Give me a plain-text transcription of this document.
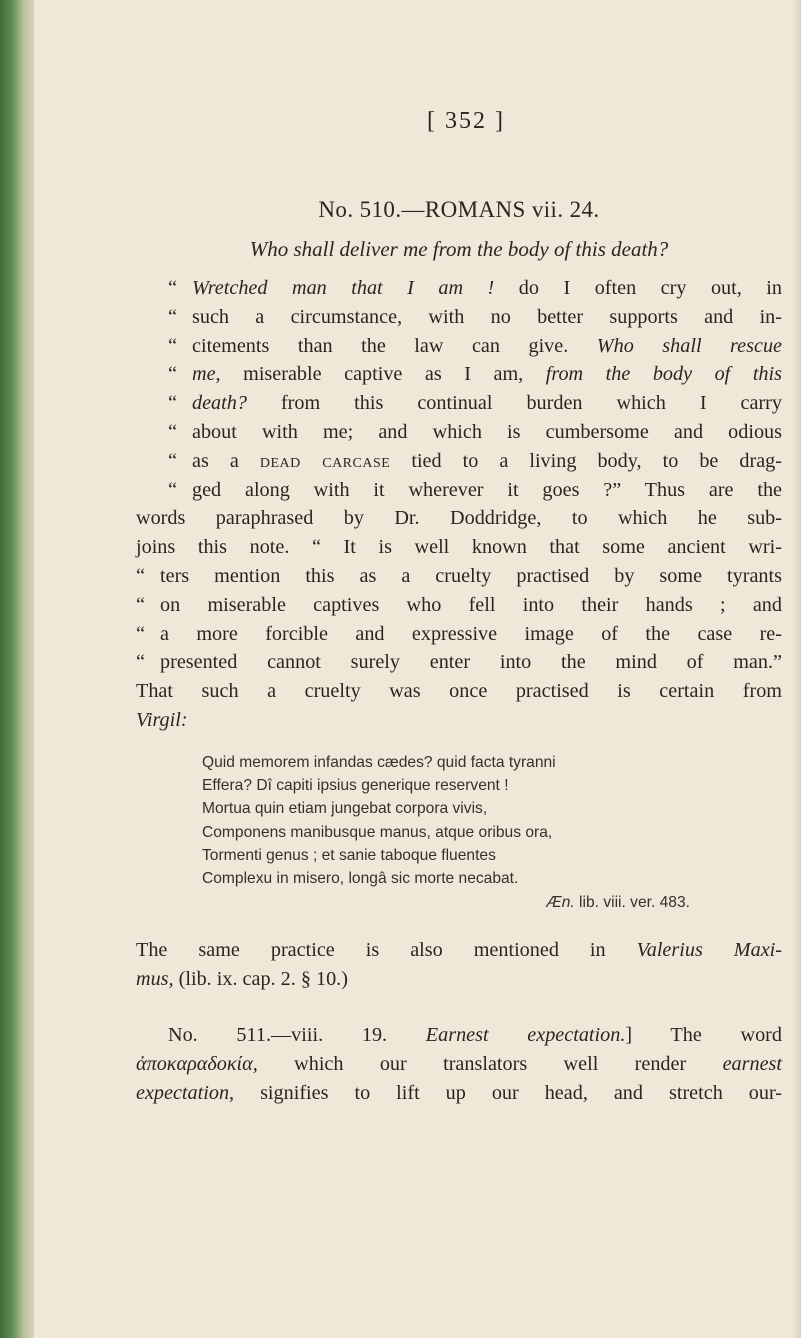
[ 352 ]
No. 510.—ROMANS vii. 24.
Who shall deliver me from the body of this death?
“ Wretched man that I am ! do I often cry out, in
“ such a circumstance, with no better supports and in-
“ citements than the law can give. Who shall rescue
“ me, miserable captive as I am, from the body of this
“ death? from this continual burden which I carry
“ about with me; and which is cumbersome and odious
“ as a dead carcase tied to a living body, to be drag-
“ ged along with it wherever it goes ?” Thus are the
words paraphrased by Dr. Doddridge, to which he sub-
joins this note. “ It is well known that some ancient wri-
“ ters mention this as a cruelty practised by some tyrants
“ on miserable captives who fell into their hands ; and
“ a more forcible and expressive image of the case re-
“ presented cannot surely enter into the mind of man.”
That such a cruelty was once practised is certain from
Virgil:
Quid memorem infandas cædes? quid facta tyranni
Effera? Dî capiti ipsius generique reservent !
Mortua quin etiam jungebat corpora vivis,
Componens manibusque manus, atque oribus ora,
Tormenti genus ; et sanie taboque fluentes
Complexu in misero, longâ sic morte necabat.
Æn. lib. viii. ver. 483.
The same practice is also mentioned in Valerius Maxi-
mus, (lib. ix. cap. 2. § 10.)
No. 511.—viii. 19. Earnest expectation.] The word
ἀποκαραδοκία, which our translators well render earnest
expectation, signifies to lift up our head, and stretch our-
